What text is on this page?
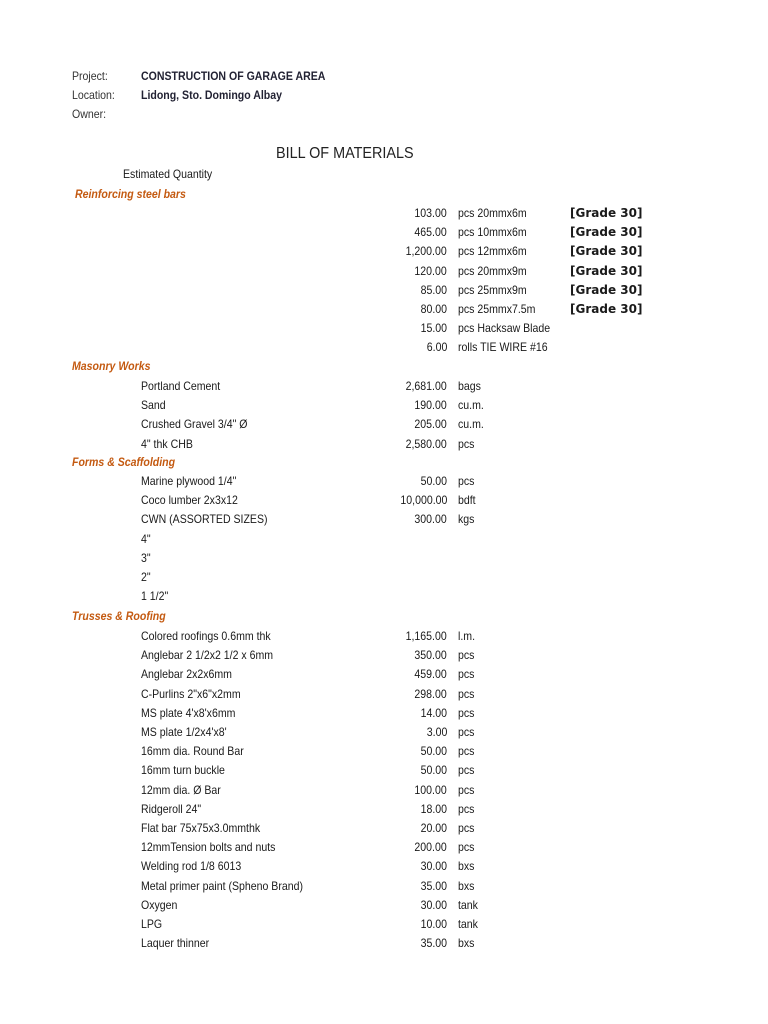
Project:	CONSTRUCTION OF GARAGE AREA
Location: Lidong, Sto. Domingo Albay
Owner:
BILL OF MATERIALS
Estimated Quantity
Reinforcing steel bars
103.00 pcs 20mmx6m	[Grade 30]
465.00 pcs 10mmx6m	[Grade 30]
1,200.00 pcs 12mmx6m	[Grade 30]
120.00 pcs 20mmx9m	[Grade 30]
85.00 pcs 25mmx9m	[Grade 30]
80.00 pcs 25mmx7.5m	[Grade 30]
15.00 pcs Hacksaw Blade
6.00 rolls TIE WIRE #16
Masonry Works
Portland Cement	2,681.00 bags
Sand	190.00 cu.m.
Crushed Gravel 3/4" Ø	205.00 cu.m.
4" thk CHB	2,580.00 pcs
Forms & Scaffolding
Marine plywood 1/4"	50.00 pcs
Coco lumber 2x3x12	10,000.00 bdft
CWN (ASSORTED SIZES)	300.00 kgs
4"
3"
2"
1 1/2"
Trusses & Roofing
Colored roofings 0.6mm thk	1,165.00 l.m.
Anglebar 2 1/2x2 1/2 x 6mm	350.00 pcs
Anglebar 2x2x6mm	459.00 pcs
C-Purlins 2"x6"x2mm	298.00 pcs
MS plate 4'x8'x6mm	14.00 pcs
MS plate 1/2x4'x8'	3.00 pcs
16mm dia. Round Bar	50.00 pcs
16mm turn buckle	50.00 pcs
12mm dia. Ø Bar	100.00 pcs
Ridgeroll 24"	18.00 pcs
Flat bar 75x75x3.0mmthk	20.00 pcs
12mmTension bolts and nuts	200.00 pcs
Welding rod 1/8 6013	30.00 bxs
Metal primer paint (Spheno Brand)	35.00 bxs
Oxygen	30.00 tank
LPG	10.00 tank
Laquer thinner	35.00 bxs
